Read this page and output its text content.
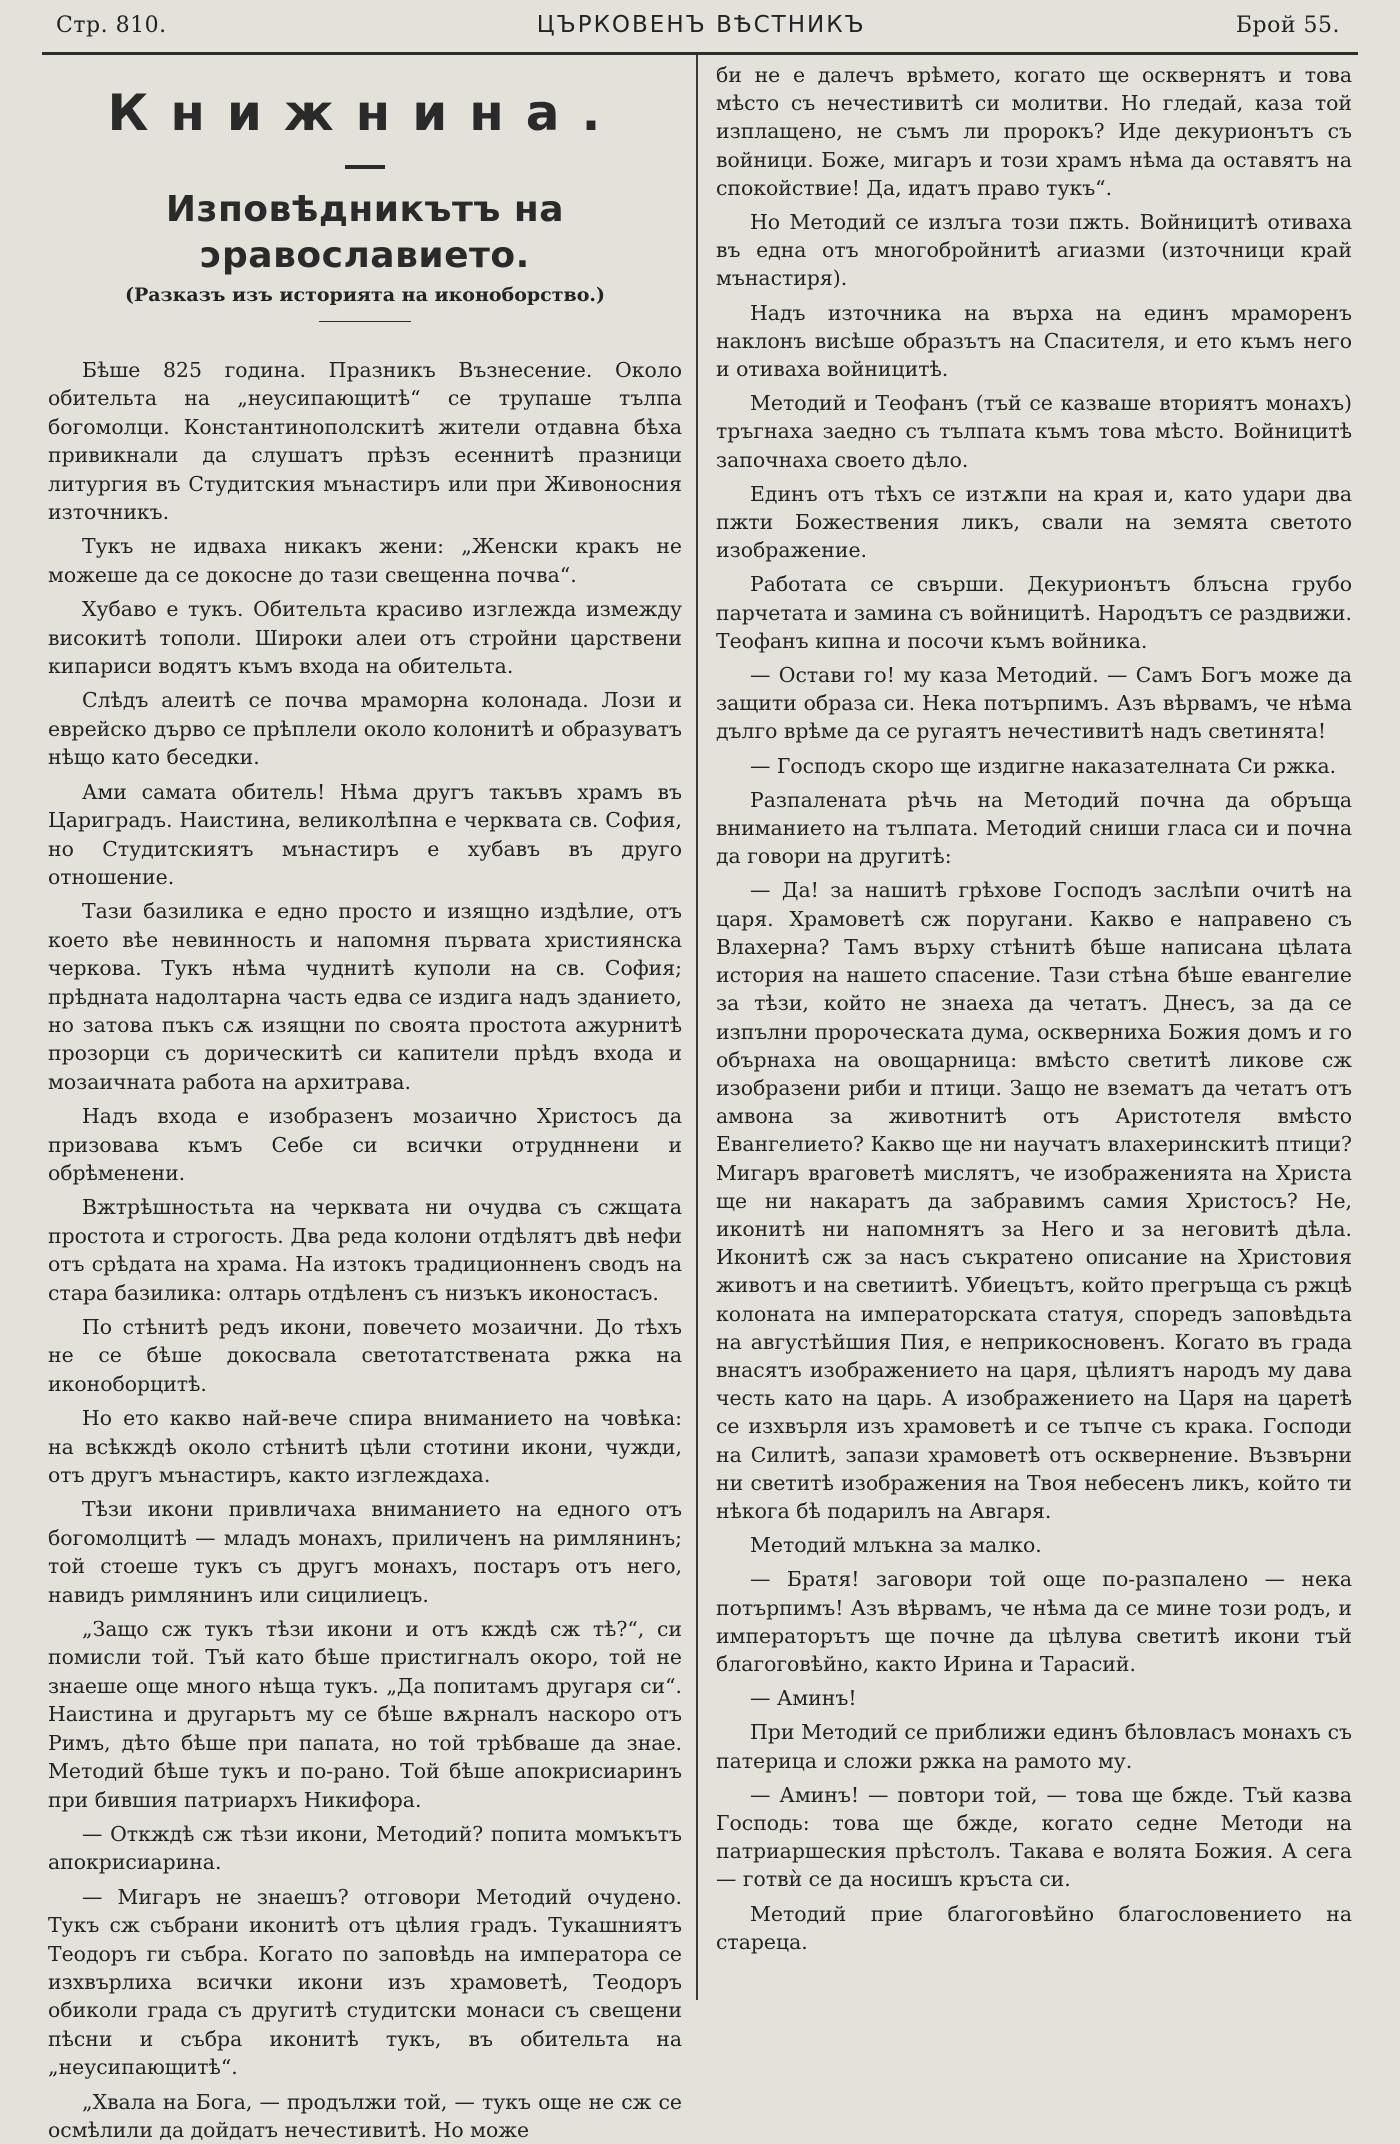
Стр. 810.	ЦЪРКОВЕНЪ ВѢСТНИКЪ	Брой 55.
Книжнина.
Изповѣдникътъ на ɔравославието.
(Разказъ изъ историята на иконоборство.)

Бѣше 825 година. Празникъ Възнесение. Около обительта на „неусипающитѣ“ се трупаше тълпа богомолци. Константинополскитѣ жители отдавна бѣха привикнали да слушатъ прѣзъ есеннитѣ празници литургия въ Студитския мънастиръ или при Живоносния източникъ.

Тукъ не идваха никакъ жени: „Женски кракъ не можеше да се докосне до тази свещенна почва“.

Хубаво е тукъ. Обительта красиво изглеждa измежду високитѣ тополи. Широки алеи отъ стройни царствени кипариси водятъ къмъ входа на обительта.

Слѣдъ алеитѣ се почва мраморна колонада. Лози и еврейско дърво се прѣплели около колонитѣ и образуватъ нѣщо като беседки.

Ами самата обитель! Нѣма другъ такъвъ храмъ въ Цариградъ. Наистина, великолѣпна е черквата св. София, но Студитскиятъ мънастиръ е хубавъ въ друго отношение.

Тази базилика е едно просто и изящно издѣлие, отъ което вѣе невинность и напомня първата християнска черкова. Тукъ нѣма чуднитѣ куполи на св. София; прѣдната надолтарна часть едва се издига надъ зданието, но затова пъкъ сѫ изящни по своята простота ажурнитѣ прозорци съ дорическитѣ си капители прѣдъ входа и мозаичната работа на архитрава.

Надъ входа е изобразенъ мозаично Христосъ да призовава къмъ Себе си всички отрудннени и обрѣменени.

Вжтрѣшностьта на черквата ни очудва съ сжщата простота и строгость. Два реда колони отдѣлятъ двѣ нефи отъ срѣдата на храма. На изтокъ традиционненъ сводъ на стара базилика: олтарь отдѣленъ съ низъкъ иконостасъ.

По стѣнитѣ редъ икони, повечето мозаични. До тѣхъ не се бѣше докосвала светотатствената ржка на иконоборцитѣ.

Но ето какво най-вече спира вниманието на човѣка: на всѣкждѣ около стѣнитѣ цѣли стотини икони, чужди, отъ другъ мънастиръ, както изглеждаха.

Тѣзи икони привличаха вниманието на едного отъ богомолцитѣ — младъ монахъ, приличенъ на римлянинъ; той стоеше тукъ съ другъ монахъ, постаръ отъ него, навидъ римлянинъ или сицилиецъ.

„Защо сж тукъ тѣзи икони и отъ кждѣ сж тѣ?“, си помисли той. Тъй като бѣше пристигналъ окоро, той не знаеше още много нѣща тукъ. „Да попитамъ другаря си“. Наистина и другарьтъ му се бѣше вѫрналъ наскоро отъ Римъ, дѣто бѣше при папата, но той трѣбваше да знае. Методий бѣше тукъ и по-рано. Той бѣше апокрисиаринъ при бившия патриархъ Никифора.

— Откждѣ сж тѣзи икони, Методий? попита момъкътъ апокрисиарина.

— Мигаръ не знаешъ? отговори Методий очудено. Тукъ сж събрани иконитѣ отъ цѣлия градъ. Тукашниятъ Теодоръ ги събра. Когато по заповѣдь на императора се изхвърлиха всички икони изъ храмоветѣ, Теодоръ обиколи града съ другитѣ студитски монаси съ свещени пѣсни и събра иконитѣ тукъ, въ обительта на „неусипающитѣ“.

„Хвала на Бога, — продължи той, — тукъ още не сж се осмѣлили да дойдатъ нечестивитѣ. Но може

би не е далечъ врѣмето, когато ще осквернятъ и това мѣсто съ нечестивитѣ си молитви. Но гледай, каза той изплащено, не съмъ ли пророкъ? Иде декурионътъ съ войници. Боже, мигаръ и този храмъ нѣма да оставятъ на спокойствие! Да, идатъ право тукъ“.

Но Методий се излъга този пжть. Войницитѣ отиваха въ една отъ многобройнитѣ агиазми (източници край мънастиря).

Надъ източника на върха на единъ мраморенъ наклонъ висѣше образътъ на Спасителя, и ето къмъ него и отиваха войницитѣ.

Методий и Теофанъ (тъй се казваше вториятъ монахъ) тръгнаха заедно съ тълпата къмъ това мѣсто. Войницитѣ започнаха своето дѣло.

Единъ отъ тѣхъ се изтѫпи на края и, като удари два пжти Божествения ликъ, свали на земята светото изображение.

Работата се свърши. Декурионътъ блъсна грубо парчетата и замина съ войницитѣ. Народътъ се раздвижи. Теофанъ кипна и посочи къмъ войника.

— Остави го! му каза Методий. — Самъ Богъ може да защити образа си. Нека потърпимъ. Азъ вѣрвамъ, че нѣма дълго врѣме да се ругаятъ нечестивитѣ надъ светинята!

— Господъ скоро ще издигне наказателната Си ржка.

Разпаленaта рѣчь на Методий почна да обръща вниманието на тълпата. Методий сниши гласа си и почна да говори на другитѣ:

— Да! за нашитѣ грѣхове Господъ заслѣпи очитѣ на царя. Храмоветѣ сж поругани. Какво е направено съ Влахерна? Тамъ върху стѣнитѣ бѣше написана цѣлата история на нашето спасение. Тази стѣна бѣше евангелие за тѣзи, който не знаеха да четатъ. Днесъ, за да се изпълни пророческата дума, оскверниха Божия домъ и го обърнаха на овощарница: вмѣсто светитѣ ликове сж изобразени риби и птици. Защо не взематъ да четатъ отъ амвона за животнитѣ отъ Аристотеля вмѣсто Евангелието? Какво ще ни научатъ влахеринскитѣ птици? Мигаръ враговетѣ мислятъ, че изображенията на Христа ще ни накаратъ да забравимъ самия Христосъ? Не, иконитѣ ни напомнятъ за Него и за неговитѣ дѣла. Иконитѣ сж за насъ съкратено описание на Христовия животъ и на светиитѣ. Убиецътъ, който прегръща съ ржцѣ колоната на императорската статуя, споредъ заповѣдьта на августѣйшия Пия, е неприкосновенъ. Когато въ града внасятъ изображението на царя, цѣлиятъ народъ му дава честь като на царь. А изображението на Царя на царетѣ се изхвърля изъ храмоветѣ и се тъпче съ крака. Господи на Силитѣ, запази храмоветѣ отъ осквернение. Възвърни ни светитѣ изображения на Твоя небесенъ ликъ, който ти нѣкога бѣ подарилъ на Авгаря.

Методий млъкна за малко.

— Братя! заговори той още по-разпалено — нека потърпимъ! Азъ вѣрвамъ, че нѣма да се мине този родъ, и императорътъ ще почне да цѣлува светитѣ икони тъй благоговѣйно, както Ирина и Тарасий.

— Аминъ!

При Методий се приближи единъ бѣловласъ монахъ съ патерица и сложи ржка на рамото му.

— Аминъ! — повтори той, — това ще бжде. Тъй казва Господь: това ще бжде, когато седне Методи на патриаршеския прѣстолъ. Такава е волята Божия. А сега — готвѝ се да носишъ кръста си.

Методий прие благоговѣйно благословението на стареца.
